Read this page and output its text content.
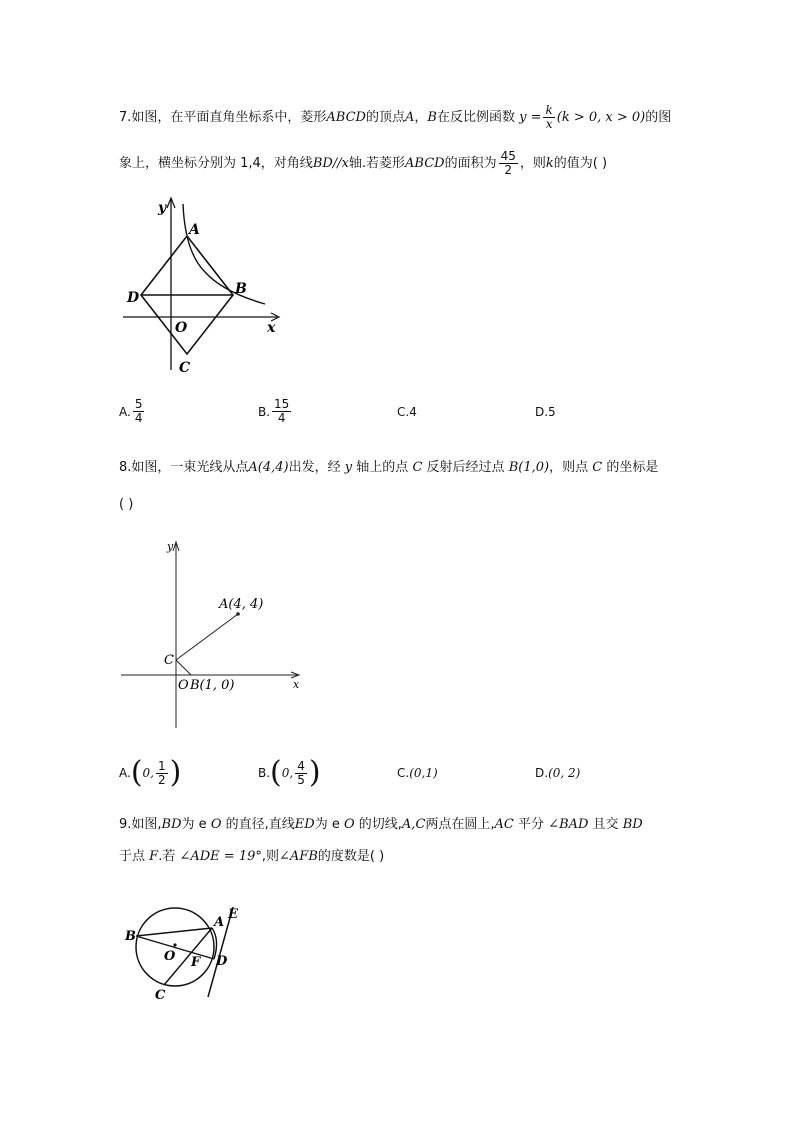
7.如图，在平面直角坐标系中，菱形ABCD的顶点A，B在反比例函数 $y = \frac{k}{x} (k > 0$, x > 0)的图
象上，横坐标分别为 1,4，对角线BD//x轴.若菱形ABCD的面积为 $\frac{45}{2}$ ，则k的值为( )
y
x
A
B
C
D
O
A. $\frac{5}{4}$	B. $\frac{15}{4}$	C.4	D.5
8.如图，一束光线从点A(4,4)出发，经 y 轴上的点 C 反射后经过点 B(1,0)，则点 C 的坐标是
( )
y
x
A(4, 4)
C
O B(1, 0)
A. ( 0, $\frac{1}{2}$ )	B. ( 0, $\frac{4}{5}$ )	C. (0,1)	D. (0, 2)
9.如图,BD为 e O 的直径,直线ED为 e O 的切线,A,C两点在圆上,AC 平分 ∠BAD 且交 BD
于点 F.若 ∠ADE = 19°,则∠AFB的度数是( )
A
B
C
D
E
F
O
